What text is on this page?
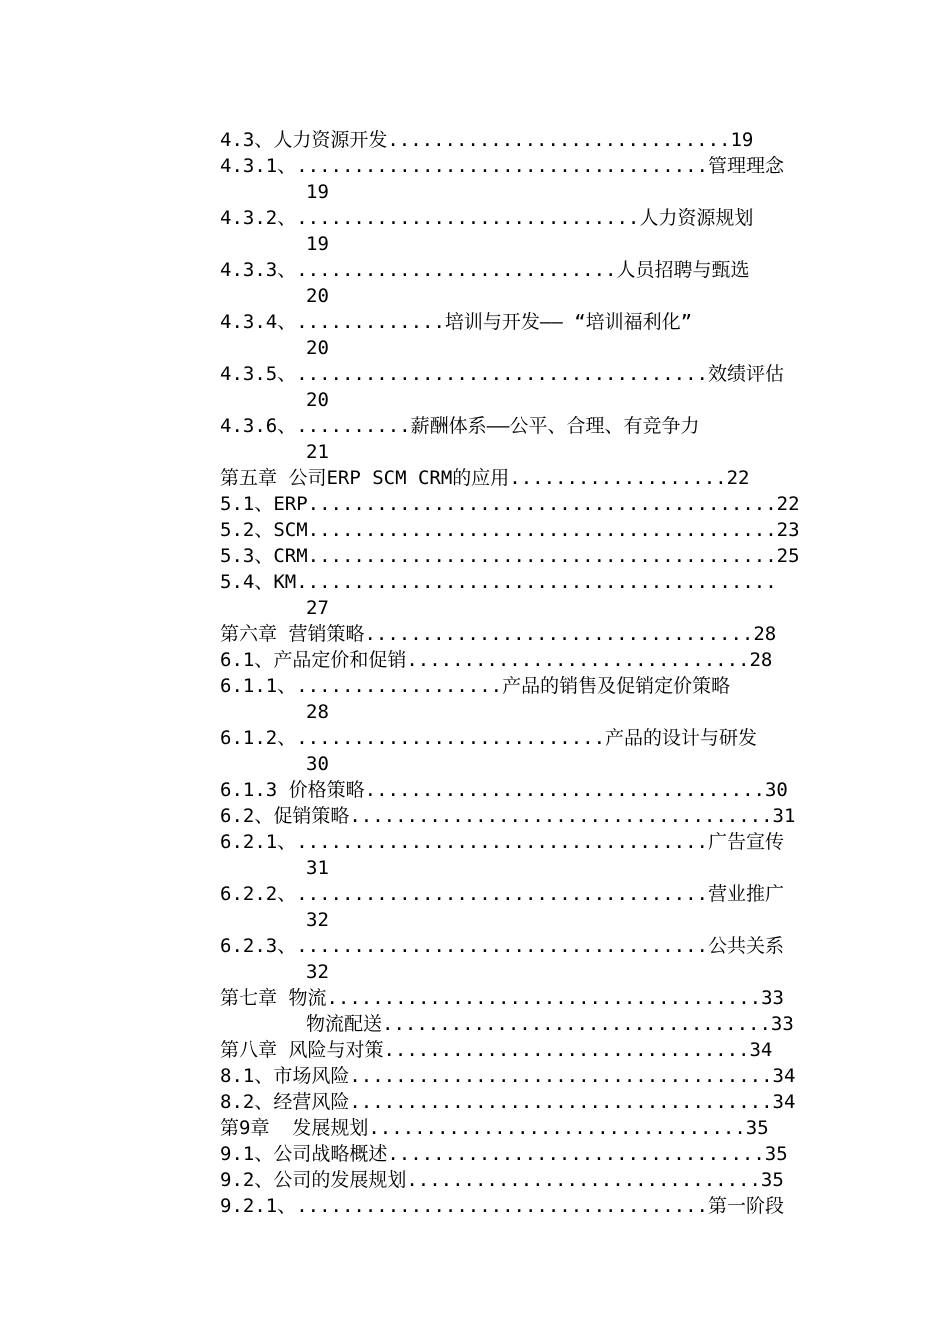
4.3、人力资源开发..............................19
4.3.1、....................................管理理念
19
4.3.2、..............................人力资源规划
19
4.3.3、............................人员招聘与甄选
20
4.3.4、.............培训与开发—— “培训福利化”
20
4.3.5、....................................效绩评估
20
4.3.6、..........薪酬体系——公平、合理、有竞争力
21
第五章 公司ERP SCM CRM的应用...................22
5.1、ERP.........................................22
5.2、SCM.........................................23
5.3、CRM.........................................25
5.4、KM..........................................
27
第六章 营销策略..................................28
6.1、产品定价和促销..............................28
6.1.1、..................产品的销售及促销定价策略
28
6.1.2、...........................产品的设计与研发
30
6.1.3 价格策略...................................30
6.2、促销策略.....................................31
6.2.1、....................................广告宣传
31
6.2.2、....................................营业推广
32
6.2.3、....................................公共关系
32
第七章 物流......................................33
物流配送..................................33
第八章 风险与对策................................34
8.1、市场风险.....................................34
8.2、经营风险.....................................34
第9章  发展规划.................................35
9.1、公司战略概述.................................35
9.2、公司的发展规划...............................35
9.2.1、....................................第一阶段
